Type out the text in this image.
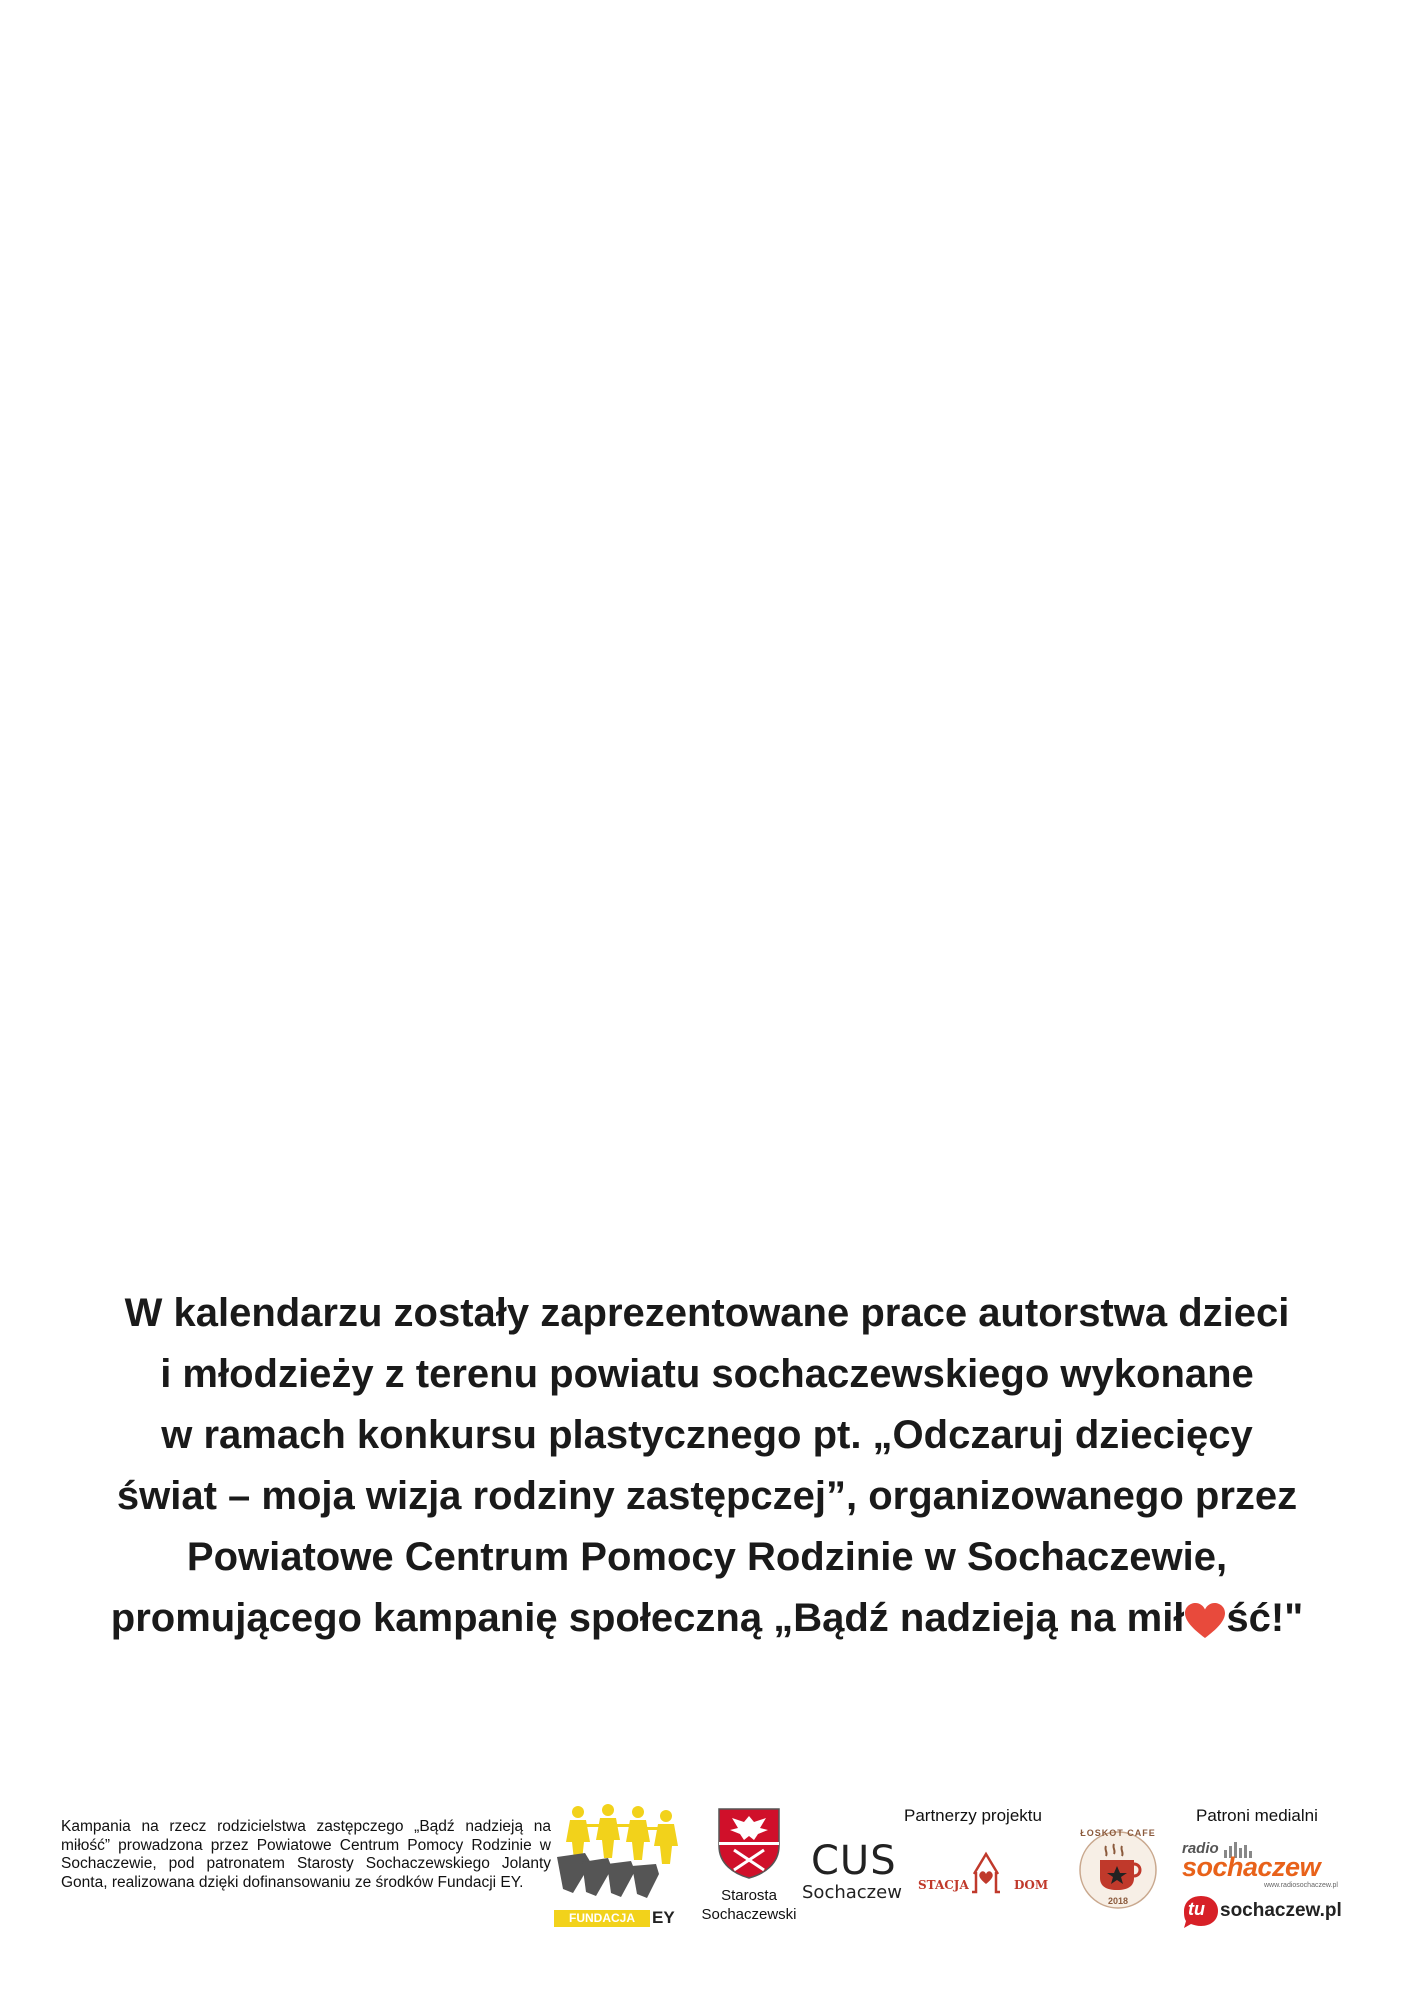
W kalendarzu zostały zaprezentowane prace autorstwa dzieci
i młodzieży z terenu powiatu sochaczewskiego wykonane
w ramach konkursu plastycznego pt. „Odczaruj dziecięcy
świat – moja wizja rodziny zastępczej”, organizowanego przez
Powiatowe Centrum Pomocy Rodzinie w Sochaczewie,
promującego kampanię społeczną „Bądź nadzieją na mił ść!"
Kampania na rzecz rodzicielstwa zastępczego „Bądź nadzieją na miłość” prowadzona przez Powiatowe Centrum Pomocy Rodzinie w Sochaczewie, pod patronatem Starosty Sochaczewskiego Jolanty Gonta, realizowana dzięki dofinansowaniu ze środków Fundacji EY.
FUNDACJA	EY
Starosta
Sochaczewski
Partnerzy projektu
CUS
Sochaczew STACJA	DOM
ŁOSKOT CAFE
2018
Patroni medialni
radio
sochaczew
www.radiosochaczew.pl
tu sochaczew.pl
